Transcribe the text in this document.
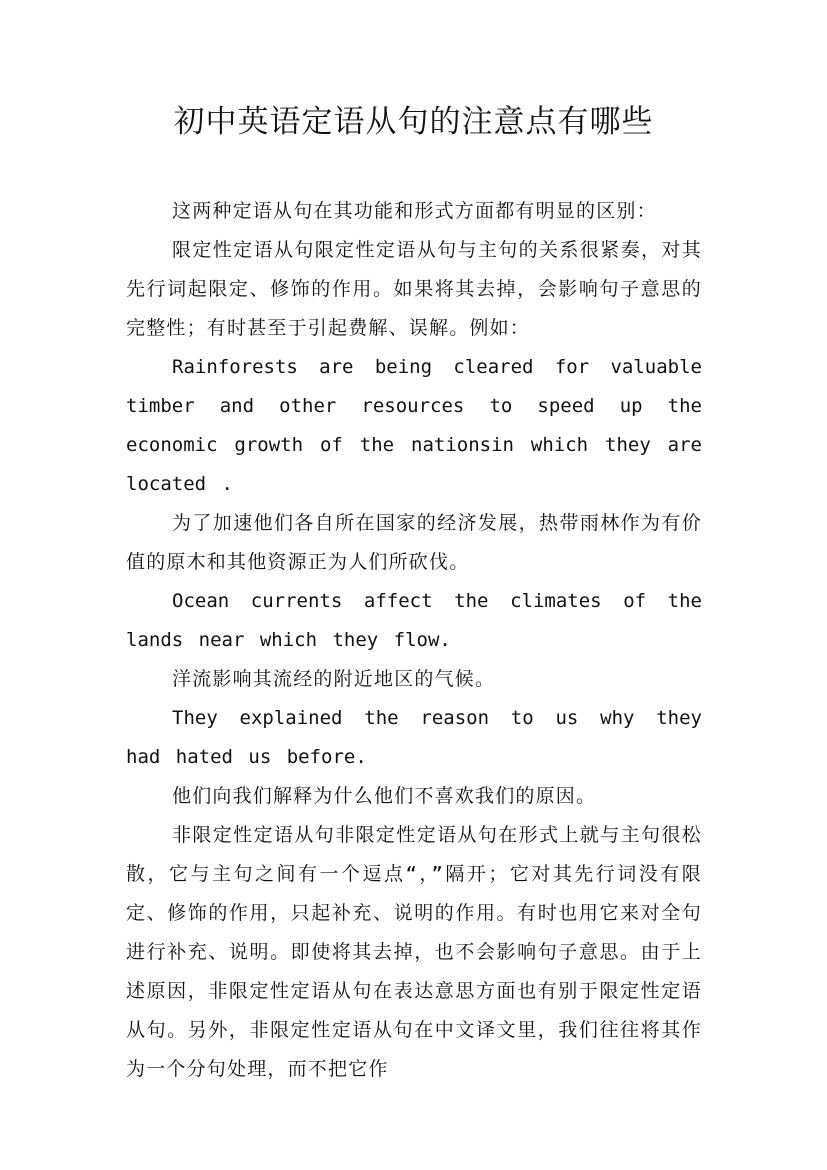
初中英语定语从句的注意点有哪些

这两种定语从句在其功能和形式方面都有明显的区别：

限定性定语从句限定性定语从句与主句的关系很紧奏，对其先行词起限定、修饰的作用。如果将其去掉，会影响句子意思的完整性；有时甚至于引起费解、误解。例如：

Rainforests are being cleared for valuable timber and other resources to speed up the economic growth of the nationsin which they are located .

为了加速他们各自所在国家的经济发展，热带雨林作为有价值的原木和其他资源正为人们所砍伐。

Ocean currents affect the climates of the lands near which they flow.

洋流影响其流经的附近地区的气候。

They explained the reason to us why they had hated us before.

他们向我们解释为什么他们不喜欢我们的原因。

非限定性定语从句非限定性定语从句在形式上就与主句很松散，它与主句之间有一个逗点“，”隔开；它对其先行词没有限定、修饰的作用，只起补充、说明的作用。有时也用它来对全句进行补充、说明。即使将其去掉，也不会影响句子意思。由于上述原因，非限定性定语从句在表达意思方面也有别于限定性定语从句。另外，非限定性定语从句在中文译文里，我们往往将其作为一个分句处理，而不把它作
